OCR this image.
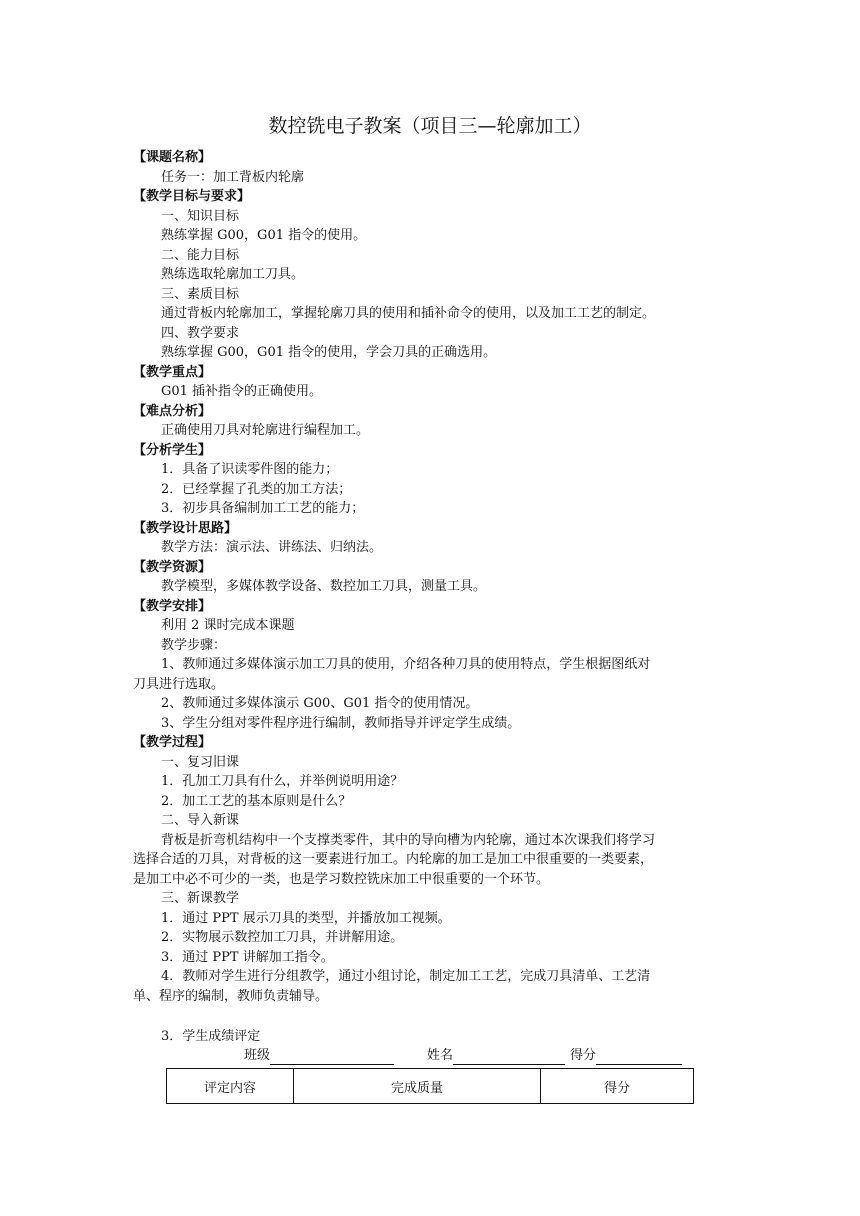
数控铣电子教案（项目三—轮廓加工）
【课题名称】
任务一：加工背板内轮廓
【教学目标与要求】
一、知识目标
熟练掌握 G00，G01 指令的使用。
二、能力目标
熟练选取轮廓加工刀具。
三、素质目标
通过背板内轮廓加工，掌握轮廓刀具的使用和插补命令的使用，以及加工工艺的制定。
四、教学要求
熟练掌握 G00，G01 指令的使用，学会刀具的正确选用。
【教学重点】
G01 插补指令的正确使用。
【难点分析】
正确使用刀具对轮廓进行编程加工。
【分析学生】
1．具备了识读零件图的能力；
2．已经掌握了孔类的加工方法；
3．初步具备编制加工工艺的能力；
【教学设计思路】
教学方法：演示法、讲练法、归纳法。
【教学资源】
教学模型，多媒体教学设备、数控加工刀具，测量工具。
【教学安排】
利用 2 课时完成本课题
教学步骤：
1、教师通过多媒体演示加工刀具的使用，介绍各种刀具的使用特点，学生根据图纸对
刀具进行选取。
2、教师通过多媒体演示 G00、G01 指令的使用情况。
3、学生分组对零件程序进行编制，教师指导并评定学生成绩。
【教学过程】
一、复习旧课
1．孔加工刀具有什么，并举例说明用途？
2．加工工艺的基本原则是什么？
二、导入新课
背板是折弯机结构中一个支撑类零件，其中的导向槽为内轮廓，通过本次课我们将学习
选择合适的刀具，对背板的这一要素进行加工。内轮廓的加工是加工中很重要的一类要素，
是加工中必不可少的一类，也是学习数控铣床加工中很重要的一个环节。
三、新课教学
1．通过 PPT 展示刀具的类型，并播放加工视频。
2．实物展示数控加工刀具，并讲解用途。
3．通过 PPT 讲解加工指令。
4．教师对学生进行分组教学，通过小组讨论，制定加工工艺，完成刀具清单、工艺清
单、程序的编制，教师负责辅导。
3．学生成绩评定
班级	姓名	得分
评定内容	完成质量	得分
